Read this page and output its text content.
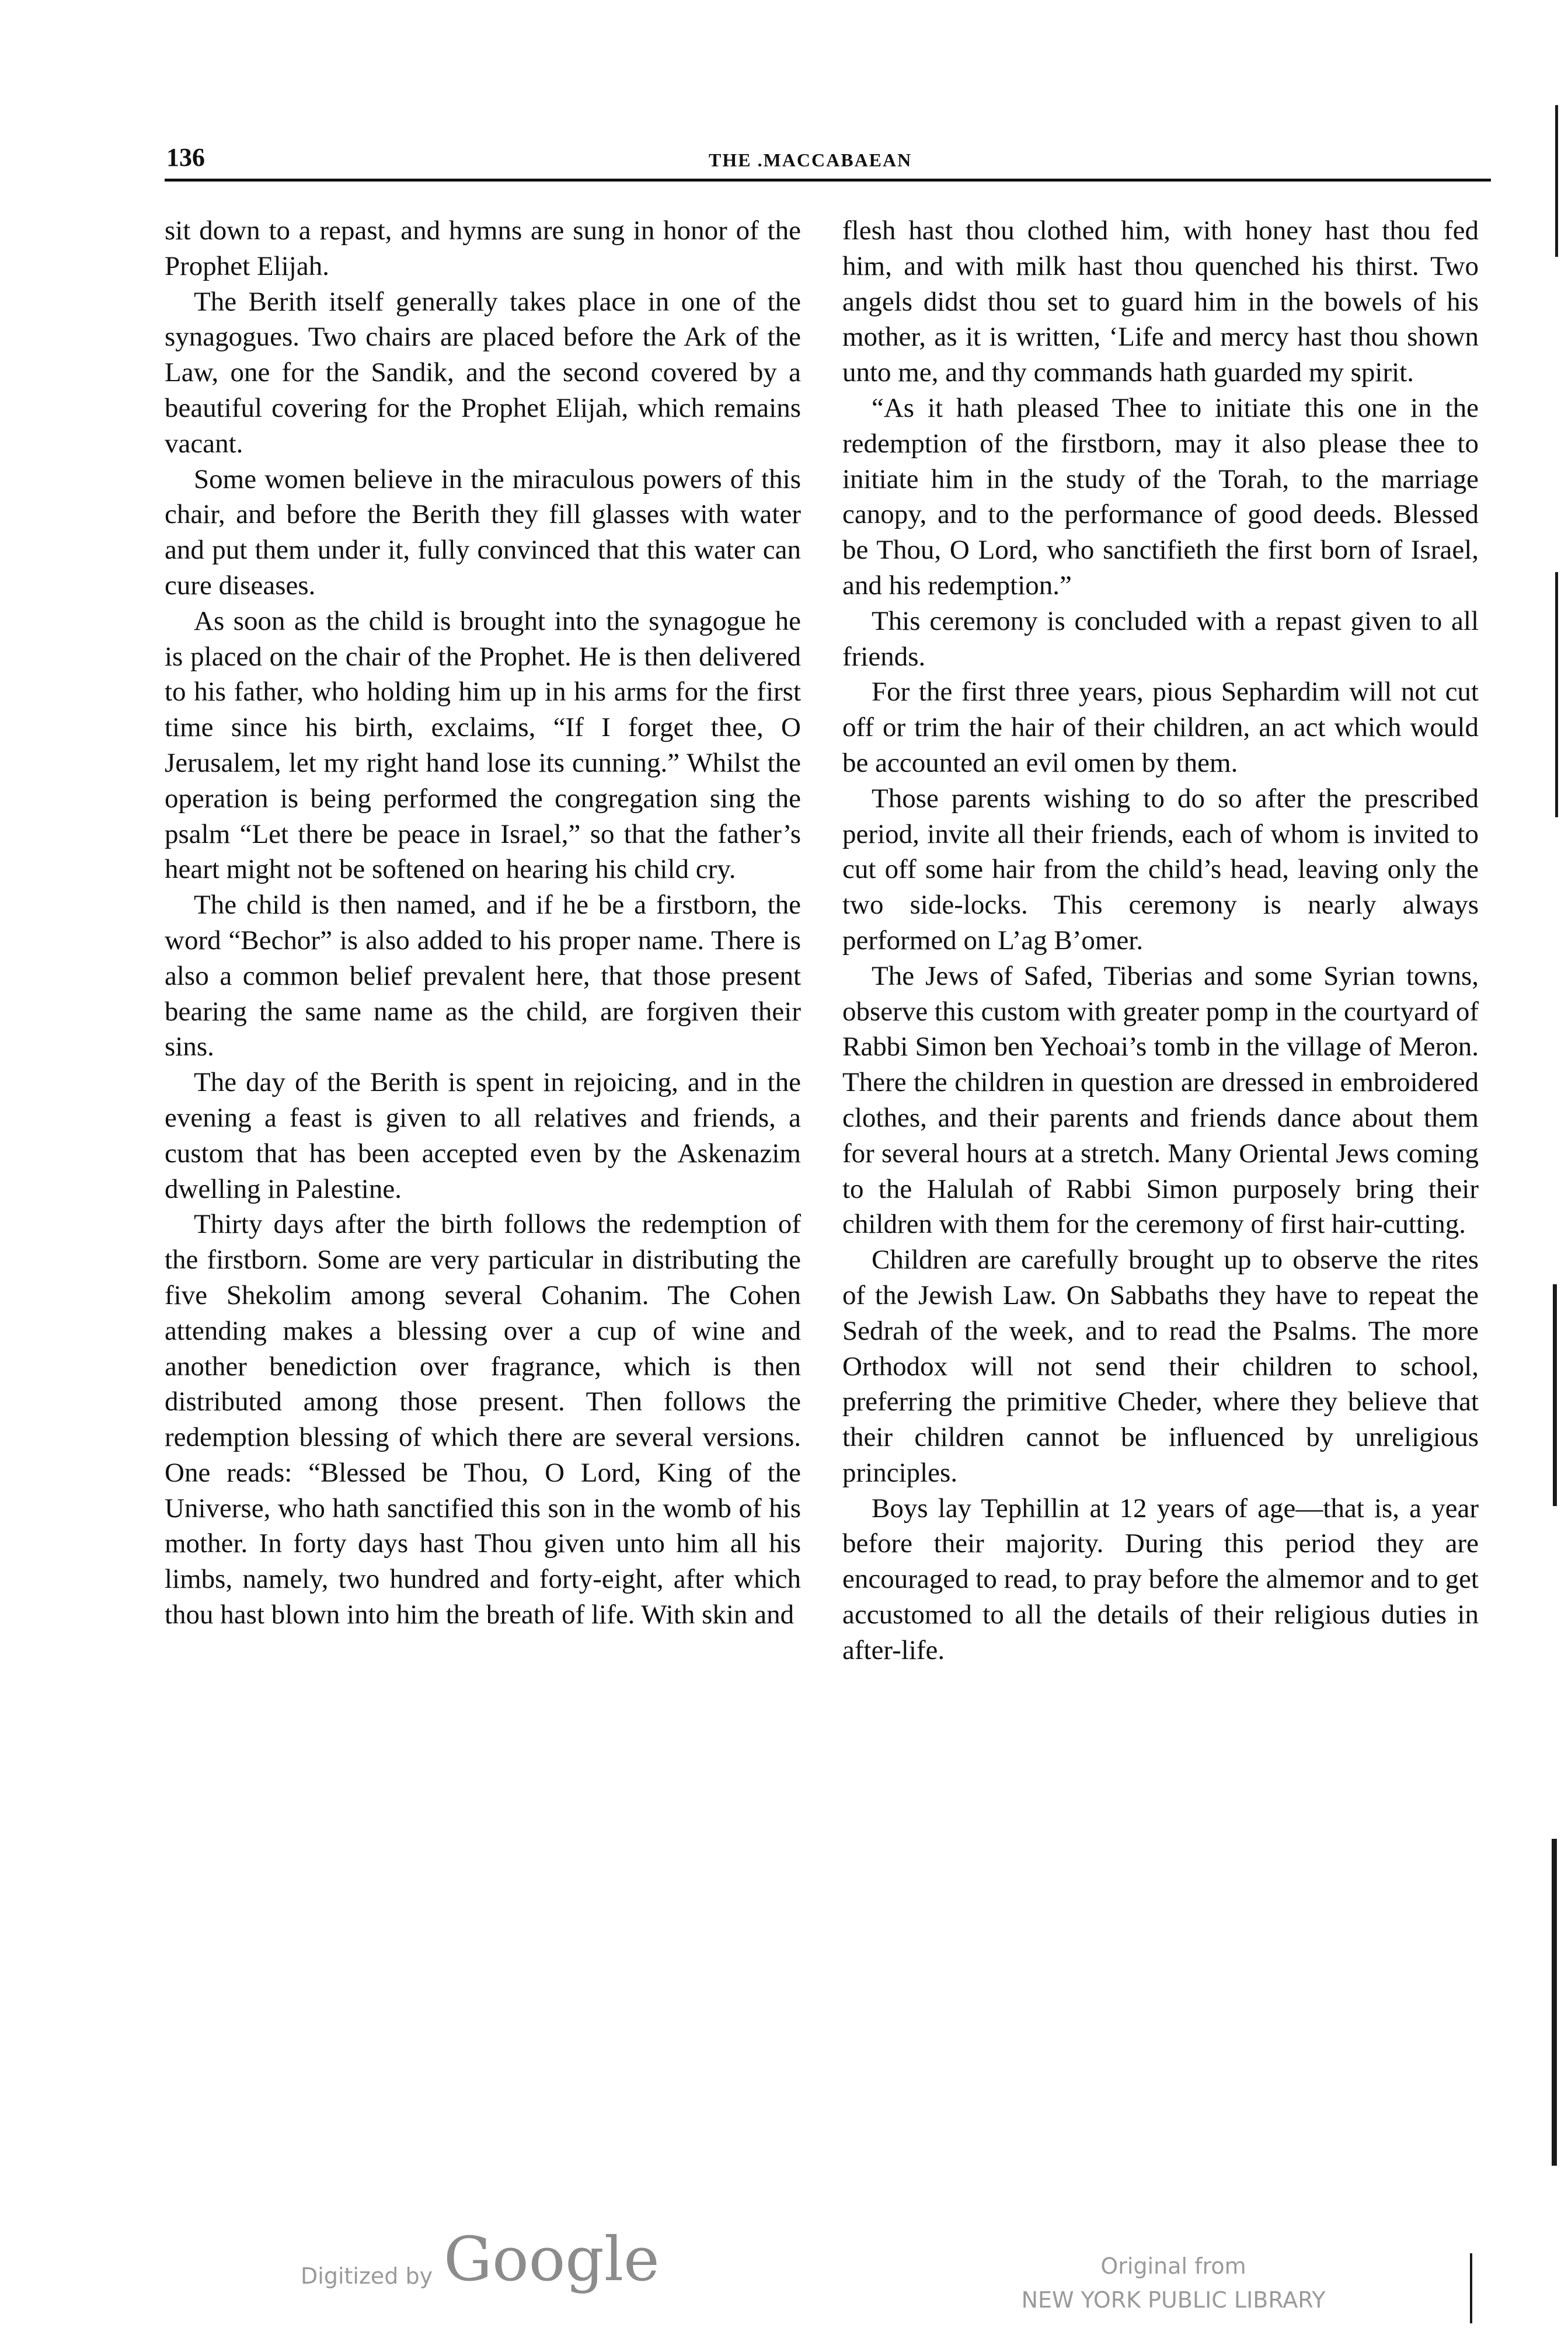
136	THE .MACCABAEAN

sit down to a repast, and hymns are sung in honor of the Prophet Elijah.

The Berith itself generally takes place in one of the synagogues. Two chairs are placed before the Ark of the Law, one for the Sandik, and the second covered by a beautiful covering for the Prophet Elijah, which remains vacant.

Some women believe in the miraculous powers of this chair, and before the Berith they fill glasses with water and put them under it, fully convinced that this water can cure diseases.

As soon as the child is brought into the synagogue he is placed on the chair of the Prophet. He is then delivered to his father, who holding him up in his arms for the first time since his birth, exclaims, “If I forget thee, O Jerusalem, let my right hand lose its cunning.” Whilst the operation is being performed the congregation sing the psalm “Let there be peace in Israel,” so that the father’s heart might not be softened on hearing his child cry.

The child is then named, and if he be a firstborn, the word “Bechor” is also added to his proper name. There is also a common belief prevalent here, that those present bearing the same name as the child, are forgiven their sins.

The day of the Berith is spent in rejoicing, and in the evening a feast is given to all relatives and friends, a custom that has been accepted even by the Askenazim dwelling in Palestine.

Thirty days after the birth follows the redemption of the firstborn. Some are very particular in distributing the five Shekolim among several Cohanim. The Cohen attending makes a blessing over a cup of wine and another benediction over fragrance, which is then distributed among those present. Then follows the redemption blessing of which there are several versions. One reads: “Blessed be Thou, O Lord, King of the Universe, who hath sanctified this son in the womb of his mother. In forty days hast Thou given unto him all his limbs, namely, two hundred and forty-eight, after which thou hast blown into him the breath of life. With skin and

flesh hast thou clothed him, with honey hast thou fed him, and with milk hast thou quenched his thirst. Two angels didst thou set to guard him in the bowels of his mother, as it is written, ‘Life and mercy hast thou shown unto me, and thy commands hath guarded my spirit.

“As it hath pleased Thee to initiate this one in the redemption of the firstborn, may it also please thee to initiate him in the study of the Torah, to the marriage canopy, and to the performance of good deeds. Blessed be Thou, O Lord, who sanctifieth the first born of Israel, and his redemption.”

This ceremony is concluded with a repast given to all friends.

For the first three years, pious Sephardim will not cut off or trim the hair of their children, an act which would be accounted an evil omen by them.

Those parents wishing to do so after the prescribed period, invite all their friends, each of whom is invited to cut off some hair from the child’s head, leaving only the two side-locks. This ceremony is nearly always performed on L’ag B’omer.

The Jews of Safed, Tiberias and some Syrian towns, observe this custom with greater pomp in the courtyard of Rabbi Simon ben Yechoai’s tomb in the village of Meron. There the children in question are dressed in embroidered clothes, and their parents and friends dance about them for several hours at a stretch. Many Oriental Jews coming to the Halulah of Rabbi Simon purposely bring their children with them for the ceremony of first hair-cutting.

Children are carefully brought up to observe the rites of the Jewish Law. On Sabbaths they have to repeat the Sedrah of the week, and to read the Psalms. The more Orthodox will not send their children to school, preferring the primitive Cheder, where they believe that their children cannot be influenced by unreligious principles.

Boys lay Tephillin at 12 years of age—that is, a year before their majority. During this period they are encouraged to read, to pray before the almemor and to get accustomed to all the details of their religious duties in after-life.

Digitized by Google	Original from
NEW YORK PUBLIC LIBRARY
